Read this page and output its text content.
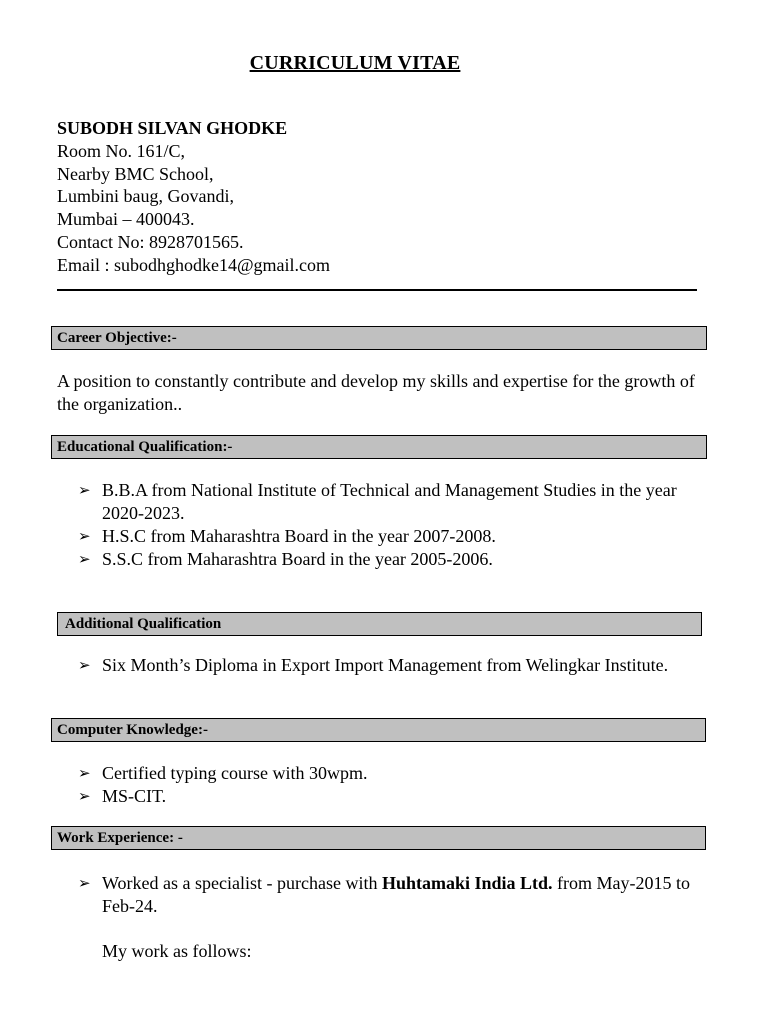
CURRICULUM VITAE
SUBODH SILVAN GHODKE
Room No. 161/C,
Nearby BMC School,
Lumbini baug, Govandi,
Mumbai – 400043.
Contact No: 8928701565.
Email : subodhghodke14@gmail.com
Career Objective:-
A position to constantly contribute and develop my skills and expertise for the growth of the organization..
Educational Qualification:-
➢ B.B.A from National Institute of Technical and Management Studies in the year 2020-2023.
➢ H.S.C from Maharashtra Board in the year 2007-2008.
➢ S.S.C from Maharashtra Board in the year 2005-2006.
Additional Qualification
➢ Six Month’s Diploma in Export Import Management from Welingkar Institute.
Computer Knowledge:-
➢ Certified typing course with 30wpm.
➢ MS-CIT.
Work Experience: -
➢ Worked as a specialist - purchase with Huhtamaki India Ltd. from May-2015 to Feb-24.
My work as follows:
